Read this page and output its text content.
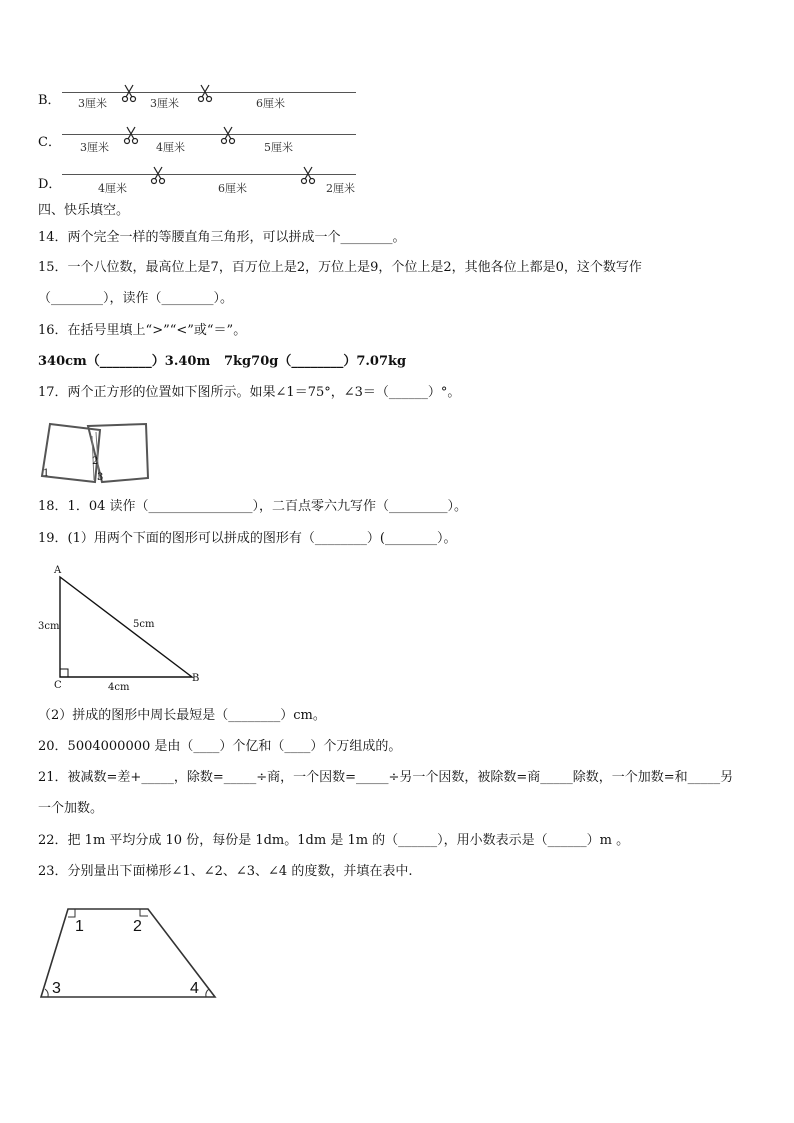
B． 3厘米	3厘米	6厘米
C． 3厘米	4厘米	5厘米
D．	4厘米	6厘米	2厘米
四、快乐填空。
14．两个完全一样的等腰直角三角形，可以拼成一个________。
15．一个八位数，最高位上是7，百万位上是2，万位上是9，个位上是2，其他各位上都是0，这个数写作
（________），读作（________）。
16．在括号里填上“>”“<”或“＝”。
340cm（________）3.40m 7kg70g（________）7.07kg
17．两个正方形的位置如下图所示。如果∠1＝75°，∠3＝（______）°。
1
2
3
18．1．04 读作（________________），二百点零六九写作（_________）。
19．(1）用两个下面的图形可以拼成的图形有（________）(________）。
A
B
C
3cm	5cm
4cm
（2）拼成的图形中周长最短是（________）cm。
20．5004000000 是由（____）个亿和（____）个万组成的。
21．被减数=差+_____，除数=_____÷商，一个因数=_____÷另一个因数，被除数=商_____除数，一个加数=和_____另
一个加数。
22．把 1m 平均分成 10 份，每份是 1dm。1dm 是 1m 的（______），用小数表示是（______）m 。
23．分别量出下面梯形∠1、∠2、∠3、∠4 的度数，并填在表中.
1	2
3	4
